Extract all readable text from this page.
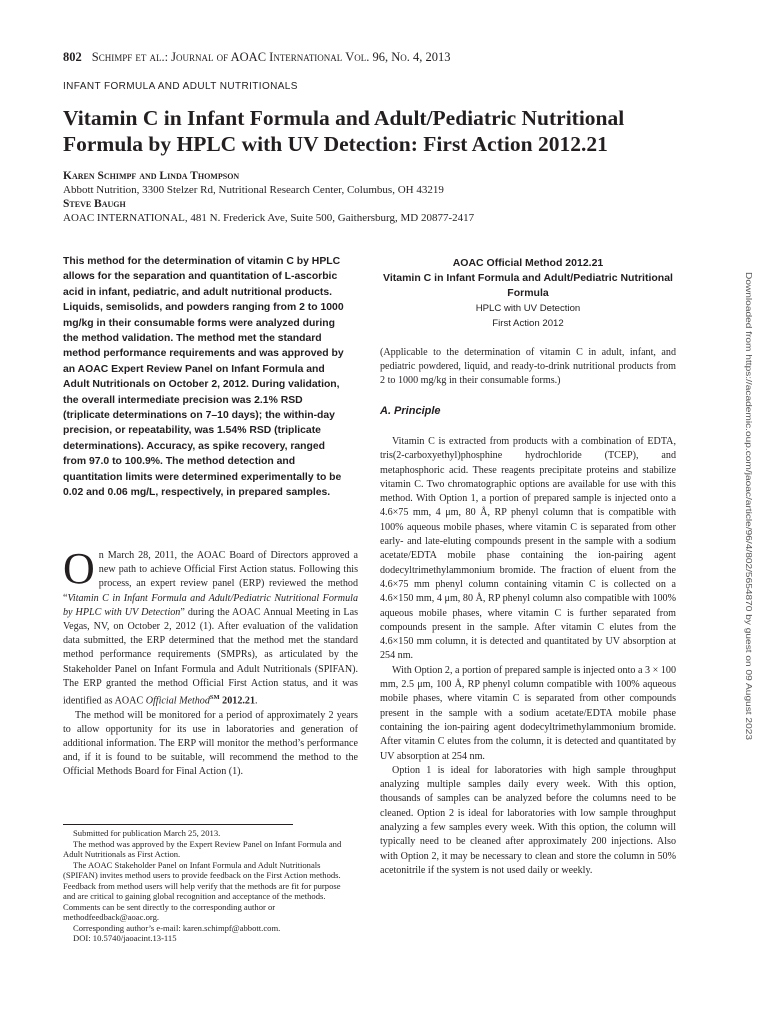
802 Schimpf et al.: Journal of AOAC International Vol. 96, No. 4, 2013
INFANT FORMULA AND ADULT NUTRITIONALS
Vitamin C in Infant Formula and Adult/Pediatric Nutritional Formula by HPLC with UV Detection: First Action 2012.21
Karen Schimpf and Linda Thompson
Abbott Nutrition, 3300 Stelzer Rd, Nutritional Research Center, Columbus, OH 43219
Steve Baugh
AOAC INTERNATIONAL, 481 N. Frederick Ave, Suite 500, Gaithersburg, MD 20877-2417
This method for the determination of vitamin C by HPLC allows for the separation and quantitation of L-ascorbic acid in infant, pediatric, and adult nutritional products. Liquids, semisolids, and powders ranging from 2 to 1000 mg/kg in their consumable forms were analyzed during the method validation. The method met the standard method performance requirements and was approved by an AOAC Expert Review Panel on Infant Formula and Adult Nutritionals on October 2, 2012. During validation, the overall intermediate precision was 2.1% RSD (triplicate determinations on 7–10 days); the within-day precision, or repeatability, was 1.54% RSD (triplicate determinations). Accuracy, as spike recovery, ranged from 97.0 to 100.9%. The method detection and quantitation limits were determined experimentally to be 0.02 and 0.06 mg/L, respectively, in prepared samples.

On March 28, 2011, the AOAC Board of Directors approved a new path to achieve Official First Action status. Following this process, an expert review panel (ERP) reviewed the method “Vitamin C in Infant Formula and Adult/Pediatric Nutritional Formula by HPLC with UV Detection” during the AOAC Annual Meeting in Las Vegas, NV, on October 2, 2012 (1). After evaluation of the validation data submitted, the ERP determined that the method met the standard method performance requirements (SMPRs), as articulated by the Stakeholder Panel on Infant Formula and Adult Nutritionals (SPIFAN). The ERP granted the method Official First Action status, and it was identified as AOAC Official Method℠ 2012.21.

The method will be monitored for a period of approximately 2 years to allow opportunity for its use in laboratories and generation of additional information. The ERP will monitor the method’s performance and, if it is found to be suitable, will recommend the method to the Official Methods Board for Final Action (1).

Submitted for publication March 25, 2013.
The method was approved by the Expert Review Panel on Infant Formula and Adult Nutritionals as First Action.
The AOAC Stakeholder Panel on Infant Formula and Adult Nutritionals (SPIFAN) invites method users to provide feedback on the First Action methods. Feedback from method users will help verify that the methods are fit for purpose and are critical to gaining global recognition and acceptance of the methods. Comments can be sent directly to the corresponding author or methodfeedback@aoac.org.
Corresponding author’s e-mail: karen.schimpf@abbott.com.
DOI: 10.5740/jaoacint.13-115
AOAC Official Method 2012.21
Vitamin C in Infant Formula and Adult/Pediatric Nutritional Formula
HPLC with UV Detection
First Action 2012
(Applicable to the determination of vitamin C in adult, infant, and pediatric powdered, liquid, and ready-to-drink nutritional products from 2 to 1000 mg/kg in their consumable forms.)
A. Principle

Vitamin C is extracted from products with a combination of EDTA, tris(2-carboxyethyl)phosphine hydrochloride (TCEP), and metaphosphoric acid. These reagents precipitate proteins and stabilize vitamin C. Two chromatographic options are available for use with this method. With Option 1, a portion of prepared sample is injected onto a 4.6×75 mm, 4 μm, 80 Å, RP phenyl column that is compatible with 100% aqueous mobile phases, where vitamin C is separated from other early- and late-eluting compounds present in the sample with a sodium acetate/EDTA mobile phase containing the ion-pairing agent dodecyltrimethylammonium bromide. The fraction of eluent from the 4.6×75 mm phenyl column containing vitamin C is collected on a 4.6×150 mm, 4 μm, 80 Å, RP phenyl column also compatible with 100% aqueous mobile phases, where vitamin C is further separated from compounds present in the sample. After vitamin C elutes from the 4.6×150 mm column, it is detected and quantitated by UV absorption at 254 nm.

With Option 2, a portion of prepared sample is injected onto a 3 × 100 mm, 2.5 μm, 100 Å, RP phenyl column compatible with 100% aqueous mobile phases, where vitamin C is separated from other compounds present in the sample with a sodium acetate/EDTA mobile phase containing the ion-pairing agent dodecyltrimethylammonium bromide. After vitamin C elutes from the column, it is detected and quantitated by UV absorption at 254 nm.

Option 1 is ideal for laboratories with high sample throughput analyzing multiple samples daily every week. With this option, thousands of samples can be analyzed before the columns need to be cleaned. Option 2 is ideal for laboratories with low sample throughput analyzing a few samples every week. With this option, the column will typically need to be cleaned after approximately 200 injections. Also with Option 2, it may be necessary to clean and store the column in 50% acetonitrile if the system is not used daily or weekly.

Downloaded from https://academic.oup.com/jaoac/article/96/4/802/5654870 by guest on 09 August 2023
